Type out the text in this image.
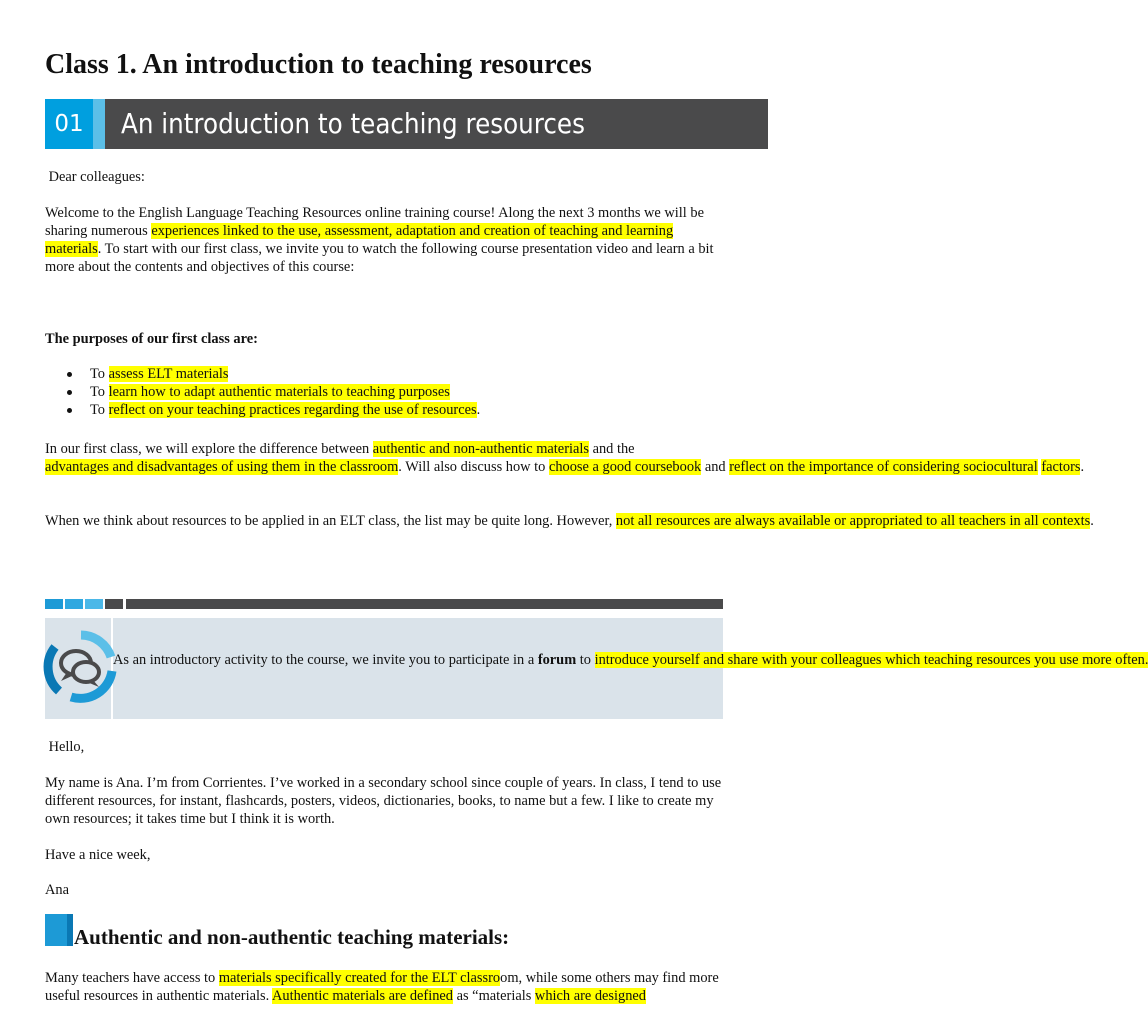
Class 1. An introduction to teaching resources
01	An introduction to teaching resources
Dear colleagues:

Welcome to the English Language Teaching Resources online training course! Along the next 3 months we will be sharing numerous experiences linked to the use, assessment, adaptation and creation of teaching and learning materials. To start with our first class, we invite you to watch the following course presentation video and learn a bit more about the contents and objectives of this course:

The purposes of our first class are:
To assess ELT materials
To learn how to adapt authentic materials to teaching purposes
To reflect on your teaching practices regarding the use of resources.
In our first class, we will explore the difference between authentic and non-authentic materials and the
advantages and disadvantages of using them in the classroom. Will also discuss how to choose a good coursebook and reflect on the importance of considering sociocultural factors.
When we think about resources to be applied in an ELT class, the list may be quite long. However, not all resources are always available or appropriated to all teachers in all contexts.
As an introductory activity to the course, we invite you to participate in a forum to introduce yourself and share with your colleagues which teaching resources you use more often.
Hello,

My name is Ana. I’m from Corrientes. I’ve worked in a secondary school since couple of years. In class, I tend to use different resources, for instant, flashcards, posters, videos, dictionaries, books, to name but a few. I like to create my own resources; it takes time but I think it is worth.

Have a nice week,
Ana
Authentic and non-authentic teaching materials:

Many teachers have access to materials specifically created for the ELT classroom, while some others may find more useful resources in authentic materials. Authentic materials are defined as “materials which are designed
